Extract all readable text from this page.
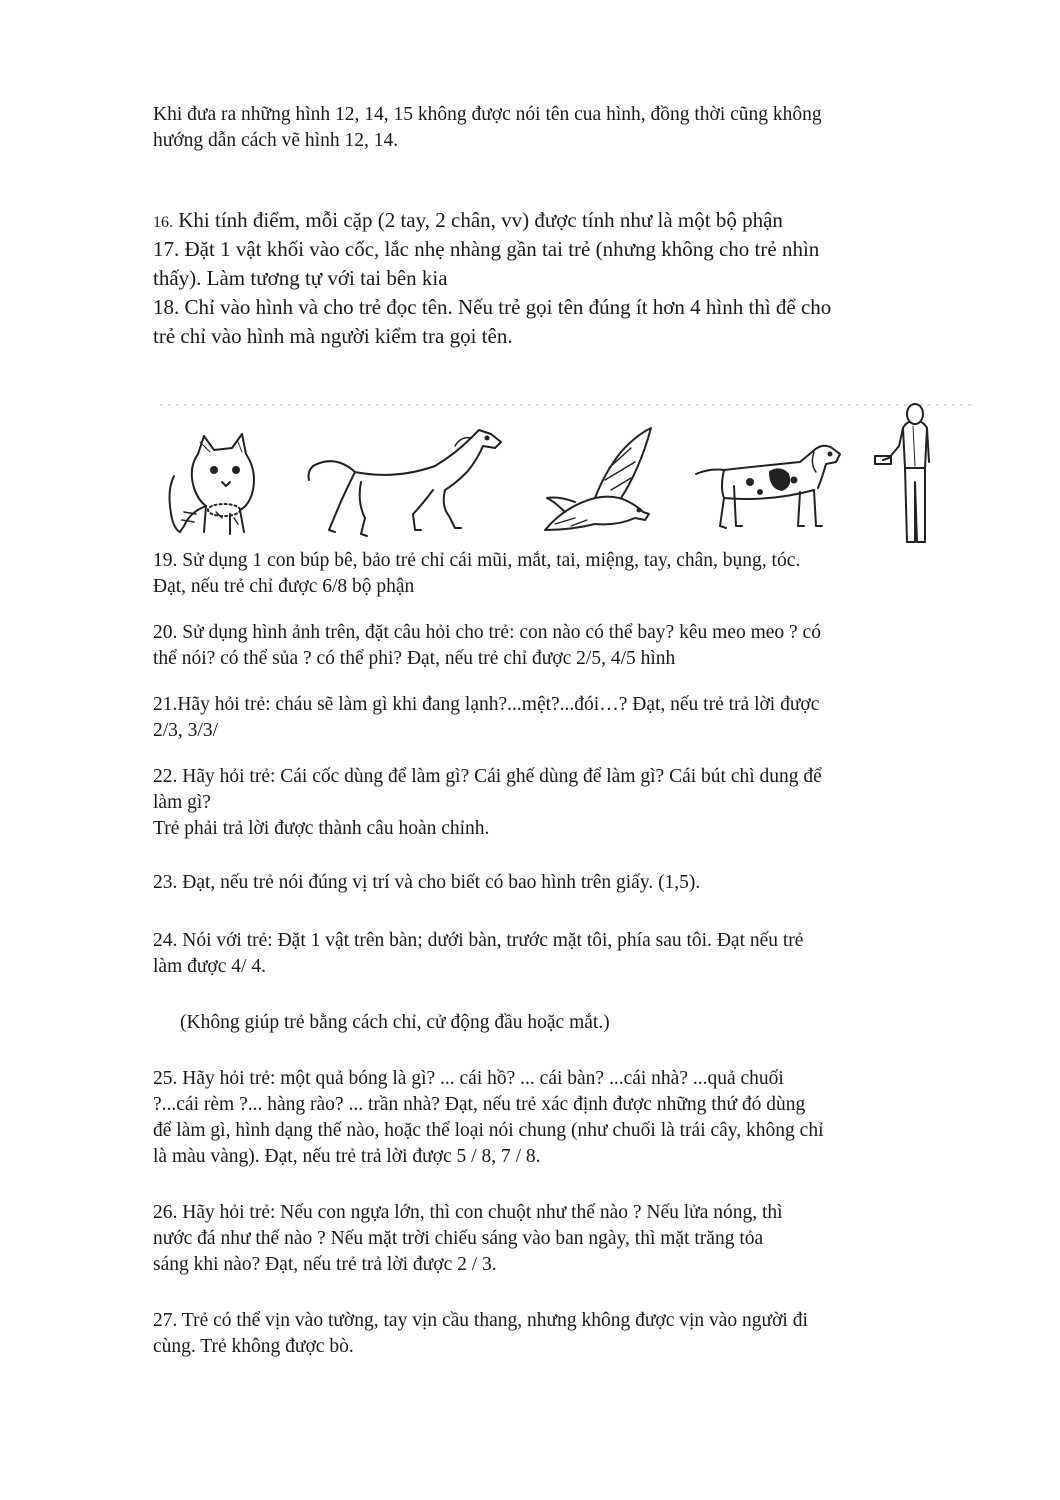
Khi đưa ra những hình 12, 14, 15 không được nói tên cua hình, đồng thời cũng không
hướng dẫn cách vẽ hình 12, 14.
16. Khi tính điểm, mỗi cặp (2 tay, 2 chân, vv) được tính như là một bộ phận
17. Đặt 1 vật khối vào cốc, lắc nhẹ nhàng gần tai trẻ (nhưng không cho trẻ nhìn
thấy). Làm tương tự với tai bên kia
18. Chỉ vào hình và cho trẻ đọc tên. Nếu trẻ gọi tên đúng ít hơn 4 hình thì để cho
trẻ chỉ vào hình mà người kiểm tra gọi tên.
19. Sử dụng 1 con búp bê, bảo trẻ chỉ cái mũi, mắt, tai, miệng, tay, chân, bụng, tóc.
Đạt, nếu trẻ chỉ được 6/8 bộ phận
20. Sử dụng hình ảnh trên, đặt câu hỏi cho trẻ: con nào có thể bay? kêu meo meo ? có
thể nói? có thể sủa ? có thể phi? Đạt, nếu trẻ chỉ được 2/5, 4/5 hình
21.Hãy hỏi trẻ: cháu sẽ làm gì khi đang lạnh?...mệt?...đói…? Đạt, nếu trẻ trả lời được
2/3, 3/3/
22. Hãy hỏi trẻ: Cái cốc dùng để làm gì? Cái ghế dùng để làm gì? Cái bút chì dung để
làm gì?
Trẻ phải trả lời được thành câu hoàn chỉnh.
23. Đạt, nếu trẻ nói đúng vị trí và cho biết có bao hình trên giấy. (1,5).
24. Nói với trẻ: Đặt 1 vật trên bàn; dưới bàn, trước mặt tôi, phía sau tôi. Đạt nếu trẻ
làm được 4/ 4.
(Không giúp trẻ bằng cách chỉ, cử động đầu hoặc mắt.)
25. Hãy hỏi trẻ: một quả bóng là gì? ... cái hồ? ... cái bàn? ...cái nhà? ...quả chuối
?...cái rèm ?... hàng rào? ... trần nhà? Đạt, nếu trẻ xác định được những thứ đó dùng
để làm gì, hình dạng thế nào, hoặc thể loại nói chung (như chuối là trái cây, không chỉ
là màu vàng). Đạt, nếu trẻ trả lời được 5 / 8, 7 / 8.
26. Hãy hỏi trẻ: Nếu con ngựa lớn, thì con chuột như thế nào ? Nếu lửa nóng, thì
nước đá như thế nào ? Nếu mặt trời chiếu sáng vào ban ngày, thì mặt trăng tỏa
sáng khi nào? Đạt, nếu trẻ trả lời được 2 / 3.
27. Trẻ có thể vịn vào tường, tay vịn cầu thang, nhưng không được vịn vào người đi
cùng. Trẻ không được bò.
